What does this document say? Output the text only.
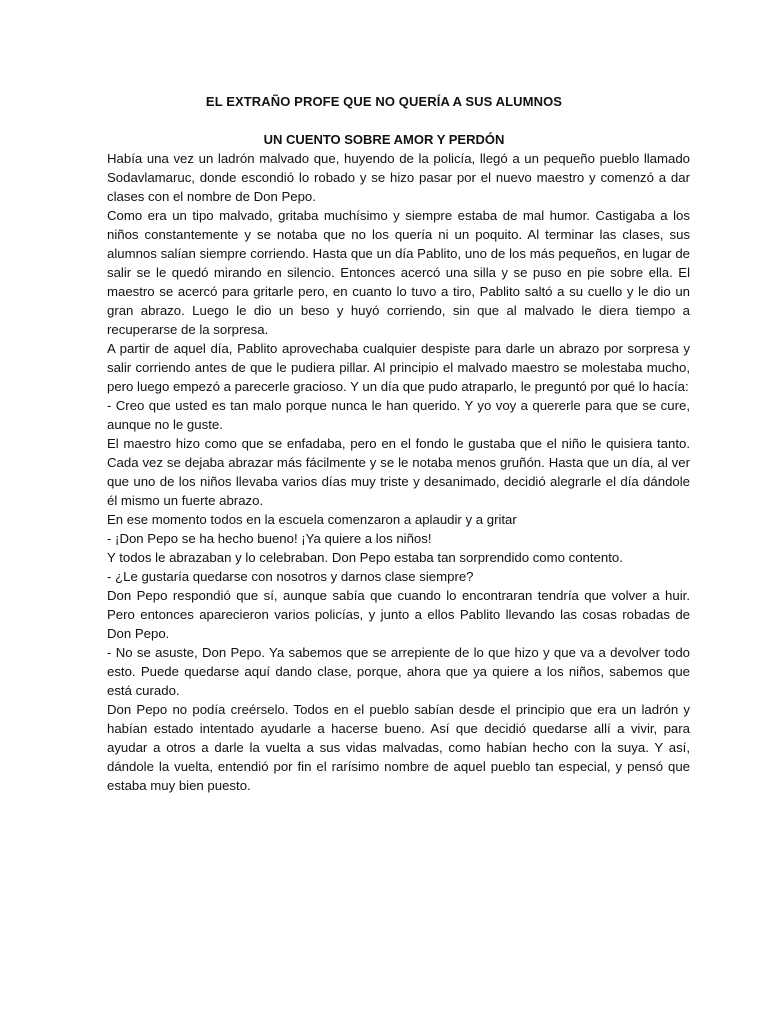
EL EXTRAÑO PROFE QUE NO QUERÍA A SUS ALUMNOS
UN CUENTO SOBRE AMOR Y PERDÓN

Había una vez un ladrón malvado que, huyendo de la policía, llegó a un pequeño pueblo llamado Sodavlamaruc, donde escondió lo robado y se hizo pasar por el nuevo maestro y comenzó a dar clases con el nombre de Don Pepo.

Como era un tipo malvado, gritaba muchísimo y siempre estaba de mal humor. Castigaba a los niños constantemente y se notaba que no los quería ni un poquito. Al terminar las clases, sus alumnos salían siempre corriendo. Hasta que un día Pablito, uno de los más pequeños, en lugar de salir se le quedó mirando en silencio. Entonces acercó una silla y se puso en pie sobre ella. El maestro se acercó para gritarle pero, en cuanto lo tuvo a tiro, Pablito saltó a su cuello y le dio un gran abrazo. Luego le dio un beso y huyó corriendo, sin que al malvado le diera tiempo a recuperarse de la sorpresa.

A partir de aquel día, Pablito aprovechaba cualquier despiste para darle un abrazo por sorpresa y salir corriendo antes de que le pudiera pillar. Al principio el malvado maestro se molestaba mucho, pero luego empezó a parecerle gracioso. Y un día que pudo atraparlo, le preguntó por qué lo hacía:

- Creo que usted es tan malo porque nunca le han querido. Y yo voy a quererle para que se cure, aunque no le guste.

El maestro hizo como que se enfadaba, pero en el fondo le gustaba que el niño le quisiera tanto. Cada vez se dejaba abrazar más fácilmente y se le notaba menos gruñón. Hasta que un día, al ver que uno de los niños llevaba varios días muy triste y desanimado, decidió alegrarle el día dándole él mismo un fuerte abrazo.

En ese momento todos en la escuela comenzaron a aplaudir y a gritar

- ¡Don Pepo se ha hecho bueno! ¡Ya quiere a los niños!

Y todos le abrazaban y lo celebraban. Don Pepo estaba tan sorprendido como contento.

- ¿Le gustaría quedarse con nosotros y darnos clase siempre?

Don Pepo respondió que sí, aunque sabía que cuando lo encontraran tendría que volver a huir. Pero entonces aparecieron varios policías, y junto a ellos Pablito llevando las cosas robadas de Don Pepo.

- No se asuste, Don Pepo. Ya sabemos que se arrepiente de lo que hizo y que va a devolver todo esto. Puede quedarse aquí dando clase, porque, ahora que ya quiere a los niños, sabemos que está curado.

Don Pepo no podía creérselo. Todos en el pueblo sabían desde el principio que era un ladrón y habían estado intentado ayudarle a hacerse bueno. Así que decidió quedarse allí a vivir, para ayudar a otros a darle la vuelta a sus vidas malvadas, como habían hecho con la suya. Y así, dándole la vuelta, entendió por fin el rarísimo nombre de aquel pueblo tan especial, y pensó que estaba muy bien puesto.
